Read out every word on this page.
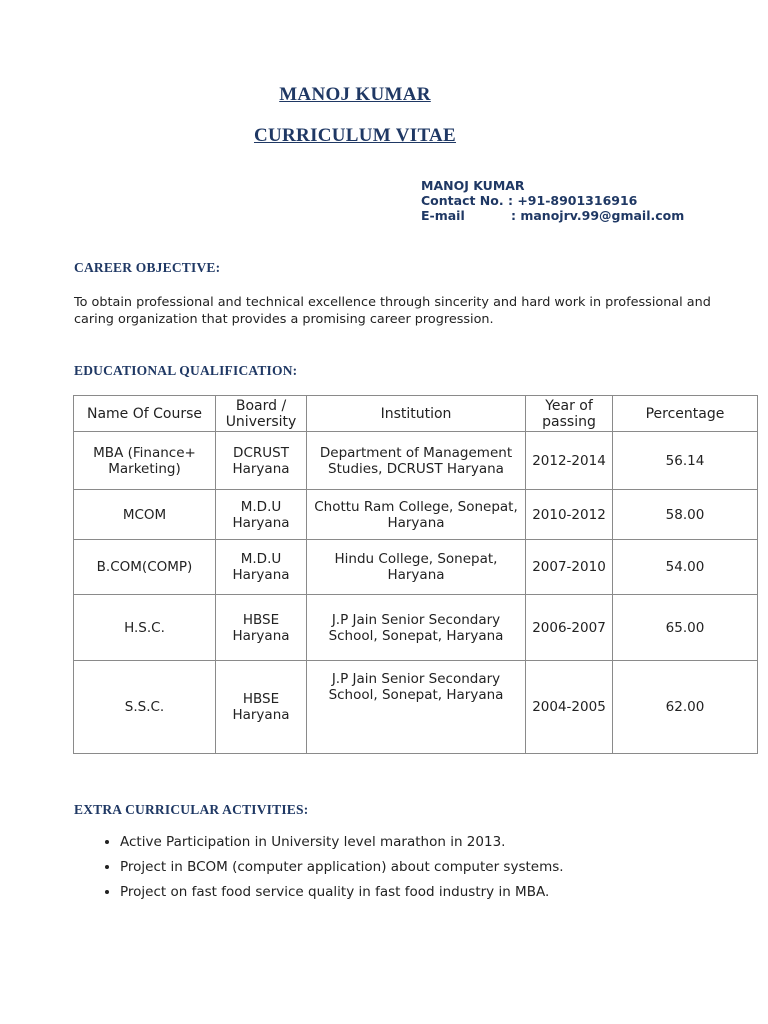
MANOJ KUMAR
CURRICULUM VITAE
MANOJ KUMAR
Contact No. : +91-8901316916
E-mail	: manojrv.99@gmail.com
CAREER OBJECTIVE:
To obtain professional and technical excellence through sincerity and hard work in professional and caring organization that provides a promising career progression.
EDUCATIONAL QUALIFICATION:
Name Of Course	Board / University	Institution	Year of passing	Percentage
MBA (Finance+ Marketing)	DCRUST Haryana	Department of Management Studies, DCRUST Haryana	2012-2014	56.14
MCOM	M.D.U Haryana	Chottu Ram College, Sonepat, Haryana	2010-2012	58.00
B.COM(COMP)	M.D.U Haryana	Hindu College, Sonepat, Haryana	2007-2010	54.00
H.S.C.	HBSE Haryana	J.P Jain Senior Secondary School, Sonepat, Haryana	2006-2007	65.00
S.S.C.	HBSE Haryana	J.P Jain Senior Secondary School, Sonepat, Haryana	2004-2005	62.00
EXTRA CURRICULAR ACTIVITIES:
• Active Participation in University level marathon in 2013.
• Project in BCOM (computer application) about computer systems.
• Project on fast food service quality in fast food industry in MBA.
